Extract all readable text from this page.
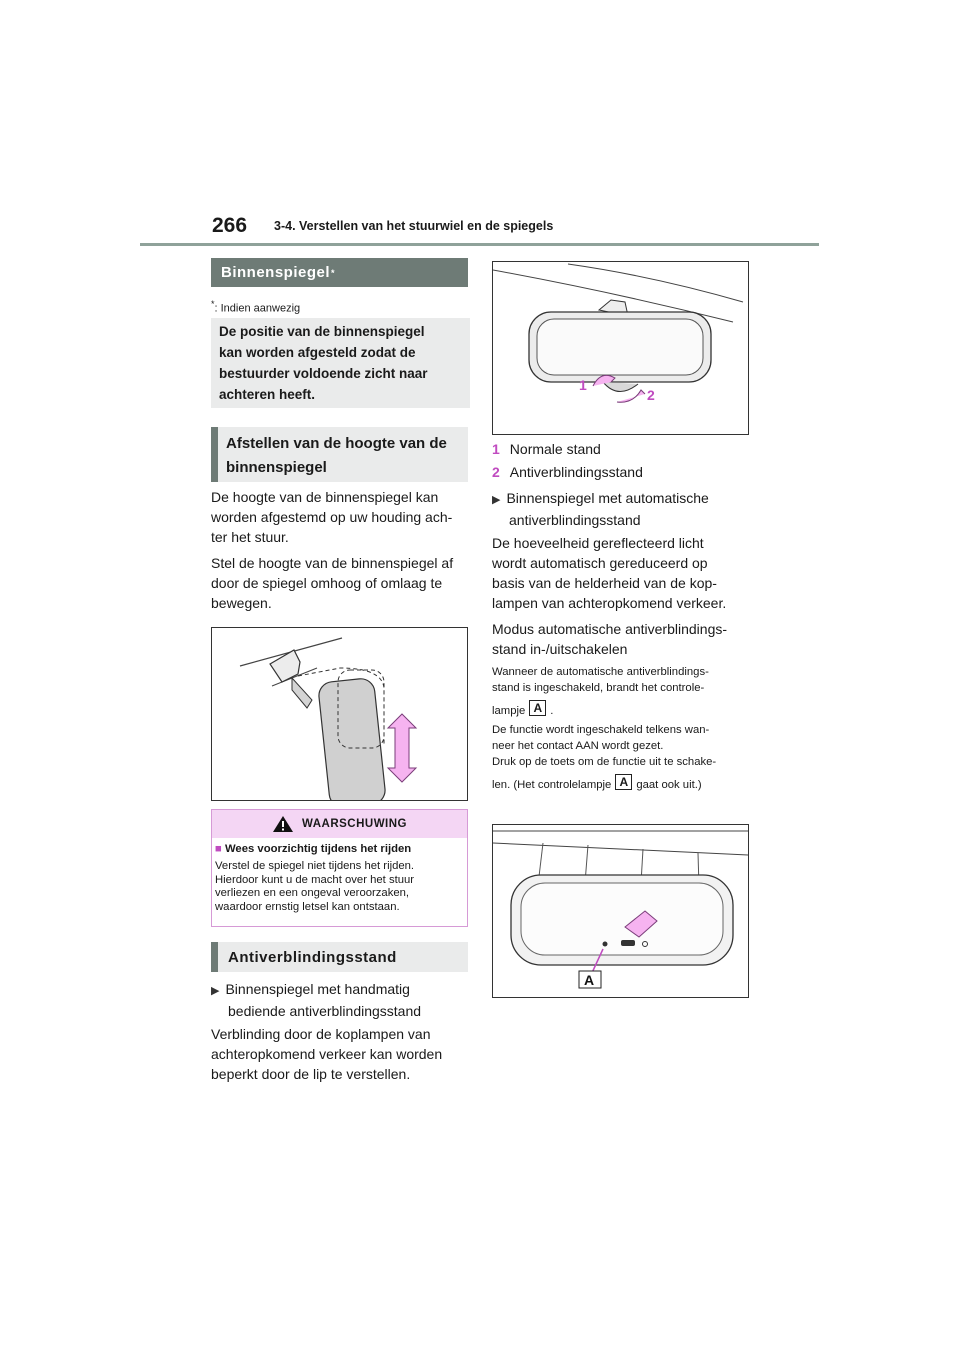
266 3-4. Verstellen van het stuurwiel en de spiegels
Binnenspiegel *
*: Indien aanwezig
De positie van de binnenspiegel
kan worden afgesteld zodat de
bestuurder voldoende zicht naar
achteren heeft.
Afstellen van de hoogte van de
binnenspiegel
De hoogte van de binnenspiegel kan
worden afgestemd op uw houding ach-
ter het stuur.
Stel de hoogte van de binnenspiegel af
door de spiegel omhoog of omlaag te
bewegen.
WAARSCHUWING
■ Wees voorzichtig tijdens het rijden
Verstel de spiegel niet tijdens het rijden.
Hierdoor kunt u de macht over het stuur
verliezen en een ongeval veroorzaken,
waardoor ernstig letsel kan ontstaan.
Antiverblindingsstand
▶ Binnenspiegel met handmatig
bediende antiverblindingsstand
Verblinding door de koplampen van
achteropkomend verkeer kan worden
beperkt door de lip te verstellen.
1
2
1 Normale stand
2 Antiverblindingsstand
▶ Binnenspiegel met automatische
antiverblindingsstand
De hoeveelheid gereflecteerd licht
wordt automatisch gereduceerd op
basis van de helderheid van de kop-
lampen van achteropkomend verkeer.
Modus automatische antiverblindings-
stand in-/uitschakelen
Wanneer de automatische antiverblindings-
stand is ingeschakeld, brandt het controle-
lampje A .
De functie wordt ingeschakeld telkens wan-
neer het contact AAN wordt gezet.
Druk op de toets om de functie uit te schake-
len. (Het controlelampje A gaat ook uit.)
A
